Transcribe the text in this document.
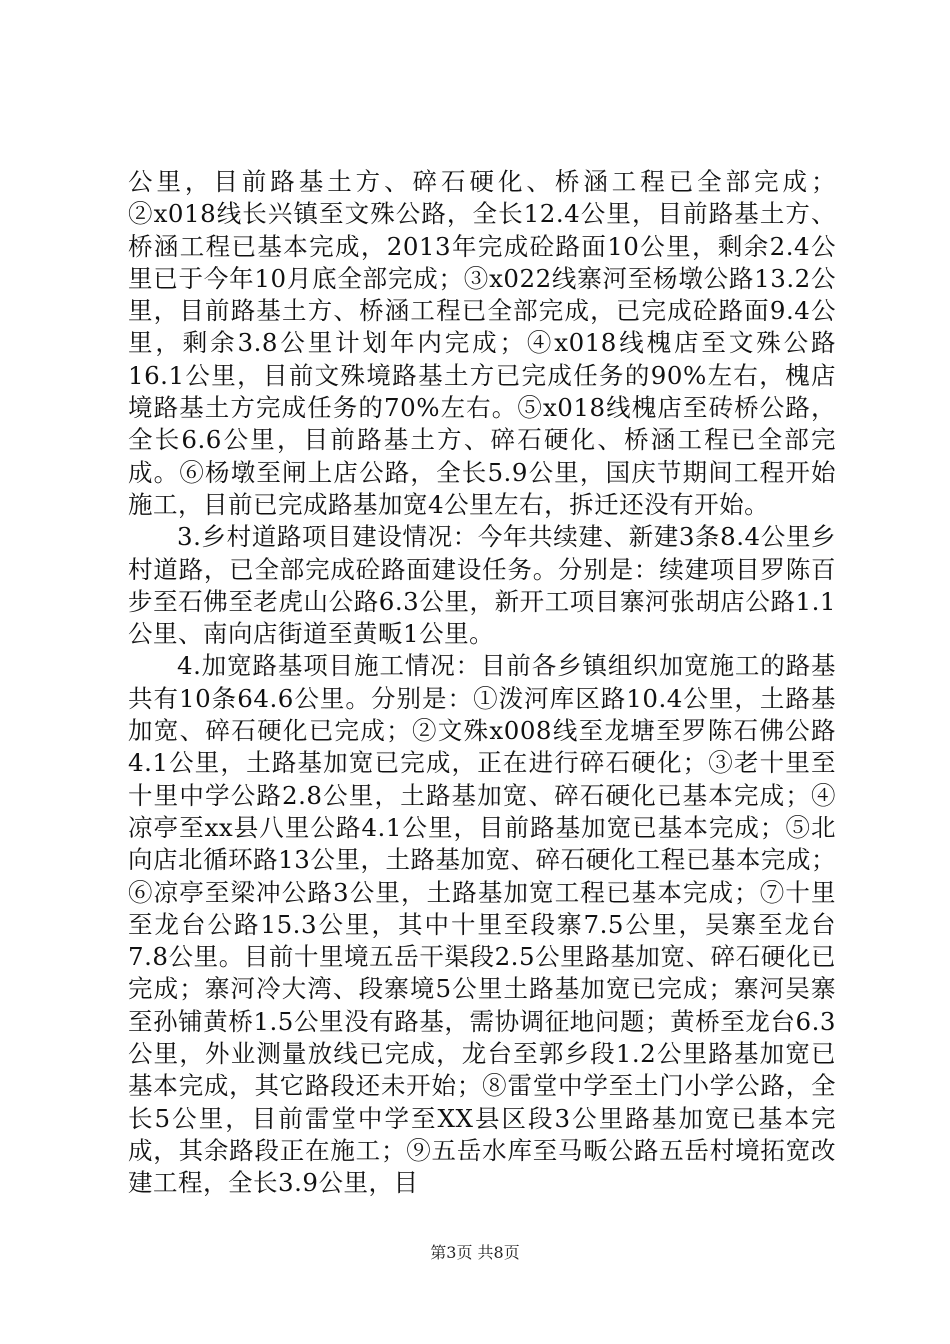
公里，目前路基土方、碎石硬化、桥涵工程已全部完成；②x018线长兴镇至文殊公路，全长12.4公里，目前路基土方、桥涵工程已基本完成，2013年完成砼路面10公里，剩余2.4公里已于今年10月底全部完成；③x022线寨河至杨墩公路13.2公里，目前路基土方、桥涵工程已全部完成，已完成砼路面9.4公里，剩余3.8公里计划年内完成；④x018线槐店至文殊公路16.1公里，目前文殊境路基土方已完成任务的90%左右，槐店境路基土方完成任务的70%左右。⑤x018线槐店至砖桥公路，全长6.6公里，目前路基土方、碎石硬化、桥涵工程已全部完成。⑥杨墩至闸上店公路，全长5.9公里，国庆节期间工程开始施工，目前已完成路基加宽4公里左右，拆迁还没有开始。

3.乡村道路项目建设情况：今年共续建、新建3条8.4公里乡村道路，已全部完成砼路面建设任务。分别是：续建项目罗陈百步至石佛至老虎山公路6.3公里，新开工项目寨河张胡店公路1.1公里、南向店街道至黄畈1公里。

4.加宽路基项目施工情况：目前各乡镇组织加宽施工的路基共有10条64.6公里。分别是：①泼河库区路10.4公里，土路基加宽、碎石硬化已完成；②文殊x008线至龙塘至罗陈石佛公路4.1公里，土路基加宽已完成，正在进行碎石硬化；③老十里至十里中学公路2.8公里，土路基加宽、碎石硬化已基本完成；④凉亭至xx县八里公路4.1公里，目前路基加宽已基本完成；⑤北向店北循环路13公里，土路基加宽、碎石硬化工程已基本完成；⑥凉亭至梁冲公路3公里，土路基加宽工程已基本完成；⑦十里至龙台公路15.3公里，其中十里至段寨7.5公里，吴寨至龙台7.8公里。目前十里境五岳干渠段2.5公里路基加宽、碎石硬化已完成；寨河冷大湾、段寨境5公里土路基加宽已完成；寨河吴寨至孙铺黄桥1.5公里没有路基，需协调征地问题；黄桥至龙台6.3公里，外业测量放线已完成，龙台至郭乡段1.2公里路基加宽已基本完成，其它路段还未开始；⑧雷堂中学至土门小学公路，全长5公里，目前雷堂中学至XX县区段3公里路基加宽已基本完成，其余路段正在施工；⑨五岳水库至马畈公路五岳村境拓宽改建工程，全长3.9公里，目

第3页 共8页
